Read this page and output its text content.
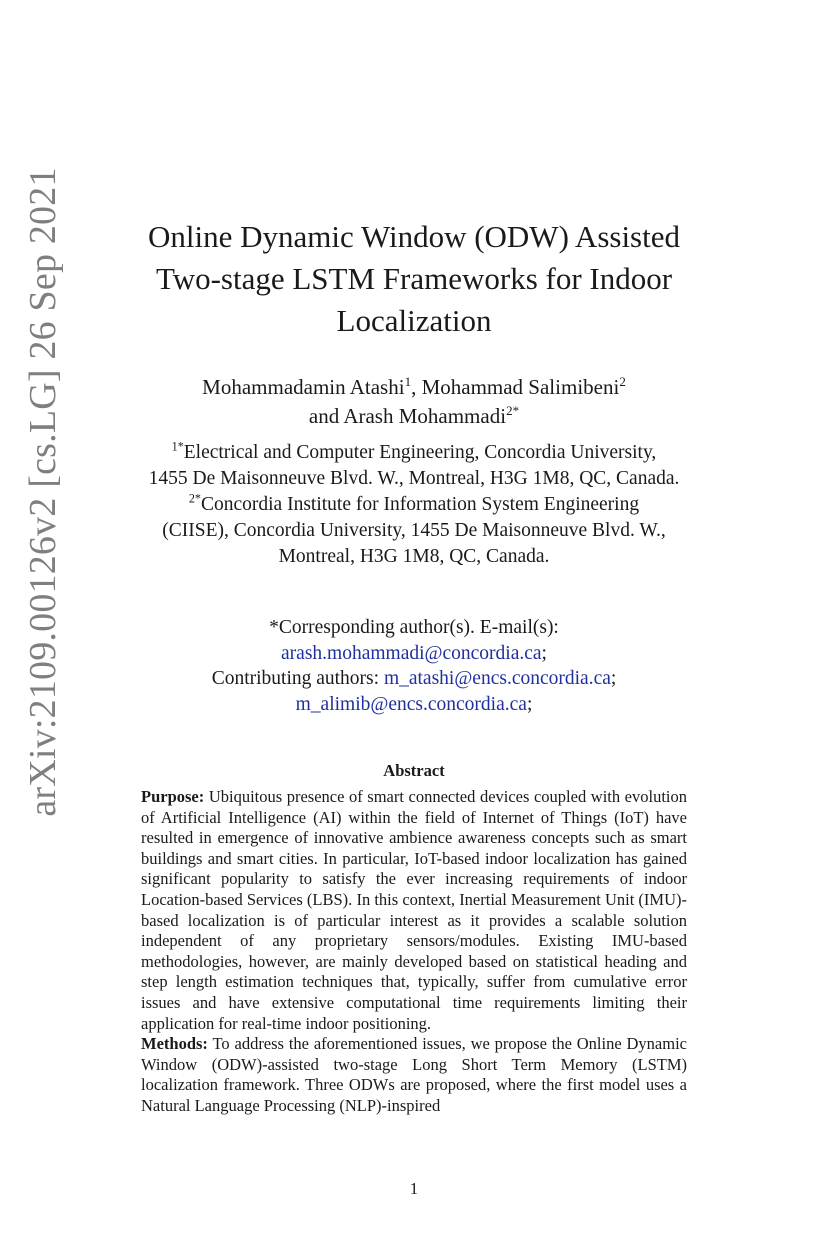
arXiv:2109.00126v2 [cs.LG] 26 Sep 2021	Online Dynamic Window (ODW) Assisted
Two-stage LSTM Frameworks for Indoor
Localization
Mohammadamin Atashi$^1$, Mohammad Salimibeni$^2$
and Arash Mohammadi$^{2*}$
$^{1*}$Electrical and Computer Engineering, Concordia University,
1455 De Maisonneuve Blvd. W., Montreal, H3G 1M8, QC, Canada.
$^{2*}$Concordia Institute for Information System Engineering
(CIISE), Concordia University, 1455 De Maisonneuve Blvd. W.,
Montreal, H3G 1M8, QC, Canada.
*Corresponding author(s). E-mail(s):
arash.mohammadi@concordia.ca;
Contributing authors: m_atashi@encs.concordia.ca;
m_alimib@encs.concordia.ca;
Abstract

Purpose: Ubiquitous presence of smart connected devices coupled with evolution of Artificial Intelligence (AI) within the field of Internet of Things (IoT) have resulted in emergence of innovative ambience awareness concepts such as smart buildings and smart cities. In particular, IoT-based indoor localization has gained significant popularity to satisfy the ever increasing requirements of indoor Location-based Services (LBS). In this context, Inertial Measurement Unit (IMU)-based localization is of particular interest as it provides a scalable solution independent of any proprietary sensors/modules. Existing IMU-based methodologies, however, are mainly developed based on statistical heading and step length estimation techniques that, typically, suffer from cumulative error issues and have extensive computational time requirements limiting their application for real-time indoor positioning.

Methods: To address the aforementioned issues, we propose the Online Dynamic Window (ODW)-assisted two-stage Long Short Term Memory (LSTM) localization framework. Three ODWs are proposed, where the first model uses a Natural Language Processing (NLP)-inspired

1
